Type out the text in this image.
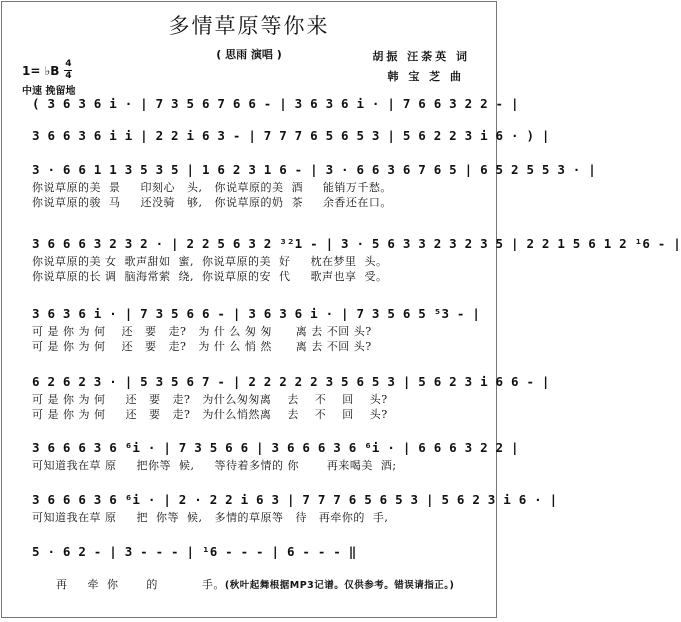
多情草原等你来
( 思雨 演唱 )	胡振 汪荼英 词
韩 宝 芝 曲
1= ♭B 4
4
中速 挽留地
( 3 6 3 6 i · | 7 3 5 6 7 6 6 - | 3 6 3 6 i · | 7 6 6 3 2 2 - |
3 6 6 3 6 i i | 2 2 i 6 3 - | 7 7 7 6 5 6 5 3 | 5 6 2 2 3 i 6 · ) |
3 · 6 6 1 1 3 5 3 5 | 1 6 2 3 1 6 - | 3 · 6 6 3 6 7 6 5 | 6 5 2 5 5 3 · |
你说草原的美  景     印刻心   头,   你说草原的美  酒     能销万千愁。
你说草原的骏  马     还没骑   够,   你说草原的奶  茶     余香还在口。
3 6 6 6 3 2 3 2 · | 2 2 5 6 3 2 ³²1 - | 3 · 5 6 3 3 2 3 2 3 5 | 2 2 1 5 6 1 2 ¹6 - |
你说草原的美 女  歌声甜如  蜜,  你说草原的美  好     枕在梦里  头。
你说草原的长 调  脑海常萦  绕,  你说草原的安  代     歌声也享  受。
3 6 3 6 i · | 7 3 5 6 6 - | 3 6 3 6 i · | 7 3 5 6 5 ⁵3 - |
可 是 你 为 何    还   要   走?   为 什 么 匆 匆      离 去 不回 头?
可 是 你 为 何    还   要   走?   为 什 么 悄 然      离 去 不回 头?
6 2 6 2 3 · | 5 3 5 6 7 - | 2 2 2 2 2 3 5 6 5 3 | 5 6 2 3 i 6 6 - |
可 是 你 为 何     还   要   走?   为什么匆匆离    去    不    回    头?
可 是 你 为 何     还   要   走?   为什么悄然离    去    不    回    头?
3 6 6 6 3 6 ⁶i · | 7 3 5 6 6 | 3 6 6 6 3 6 ⁶i · | 6 6 6 3 2 2 |
可知道我在草 原     把你等  候,     等待着多情的 你       再来喝美  酒;
3 6 6 6 3 6 ⁶i · | 2 · 2 2 i 6 3 | 7 7 7 6 5 6 5 3 | 5 6 2 3 i 6 · |
可知道我在草 原     把  你等  候,   多情的草原等   待   再牵你的  手,
5 · 6 2 - | 3 - - - | ¹6 - - - | 6 - - - ‖

再     牵  你       的           手。(秋叶起舞根据MP3记谱。仅供参考。错误请指正。)
